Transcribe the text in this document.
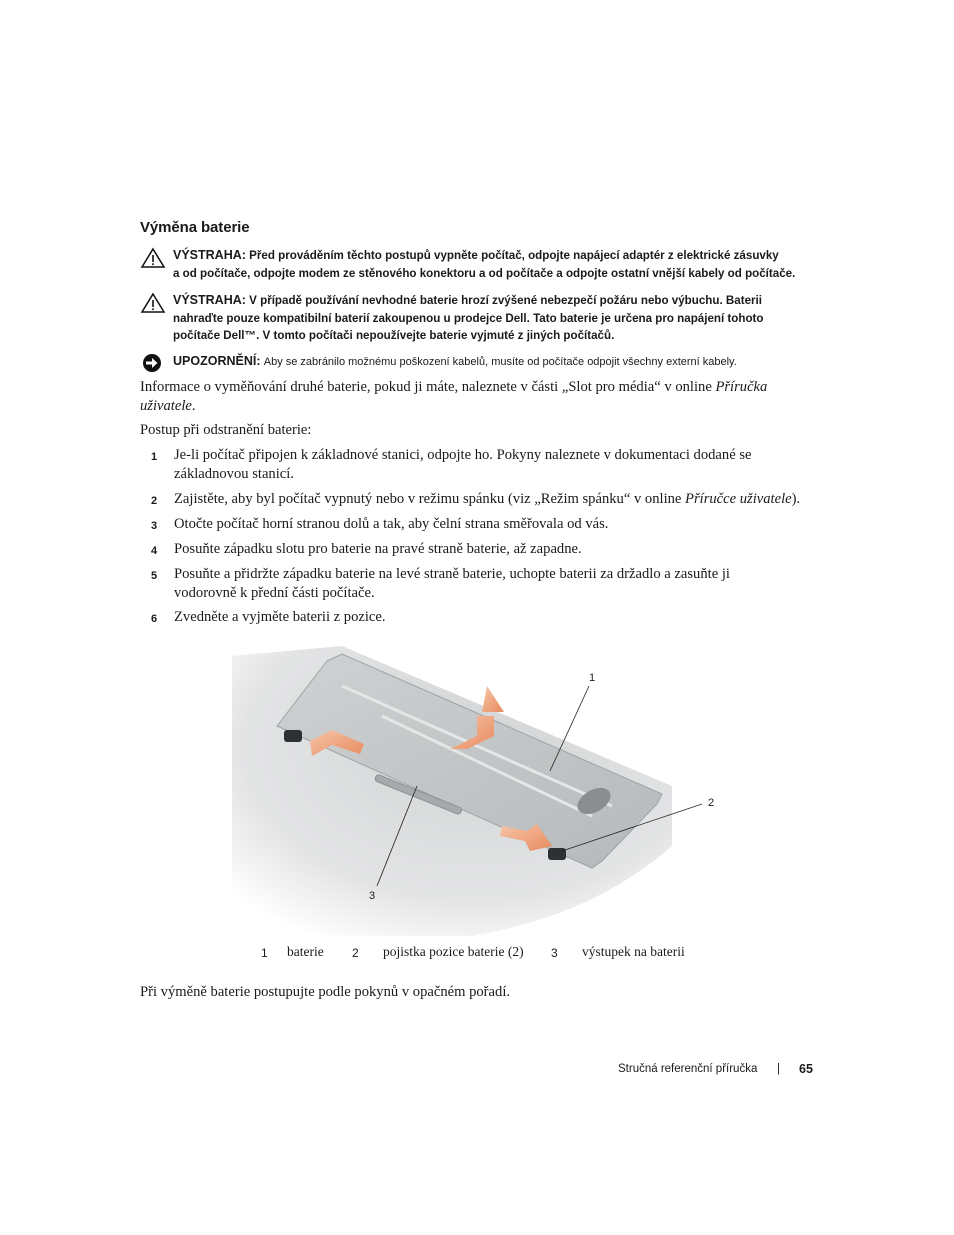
Výměna baterie
VÝSTRAHA: Před prováděním těchto postupů vypněte počítač, odpojte napájecí adaptér z elektrické zásuvky
a od počítače, odpojte modem ze stěnového konektoru a od počítače a odpojte ostatní vnější kabely od počítače.
VÝSTRAHA: V případě používání nevhodné baterie hrozí zvýšené nebezpečí požáru nebo výbuchu. Baterii
nahraďte pouze kompatibilní baterií zakoupenou u prodejce Dell. Tato baterie je určena pro napájení tohoto
počítače Dell™. V tomto počítači nepoužívejte baterie vyjmuté z jiných počítačů.
UPOZORNĚNÍ: Aby se zabránilo možnému poškození kabelů, musíte od počítače odpojit všechny externí kabely.
Informace o vyměňování druhé baterie, pokud ji máte, naleznete v části „Slot pro média“ v online Příručka
uživatele.
Postup při odstranění baterie:
1 Je-li počítač připojen k základnové stanici, odpojte ho. Pokyny naleznete v dokumentaci dodané se
základnovou stanicí.
2 Zajistěte, aby byl počítač vypnutý nebo v režimu spánku (viz „Režim spánku“ v online Příručce uživatele).
3 Otočte počítač horní stranou dolů a tak, aby čelní strana směřovala od vás.
4 Posuňte západku slotu pro baterie na pravé straně baterie, až zapadne.
5 Posuňte a přidržte západku baterie na levé straně baterie, uchopte baterii za držadlo a zasuňte ji
vodorovně k přední části počítače.
6 Zvedněte a vyjměte baterii z pozice.
1
2
3
1 baterie 2 pojistka pozice baterie (2) 3 výstupek na baterii
Při výměně baterie postupujte podle pokynů v opačném pořadí.
Stručná referenční příručka | 65
